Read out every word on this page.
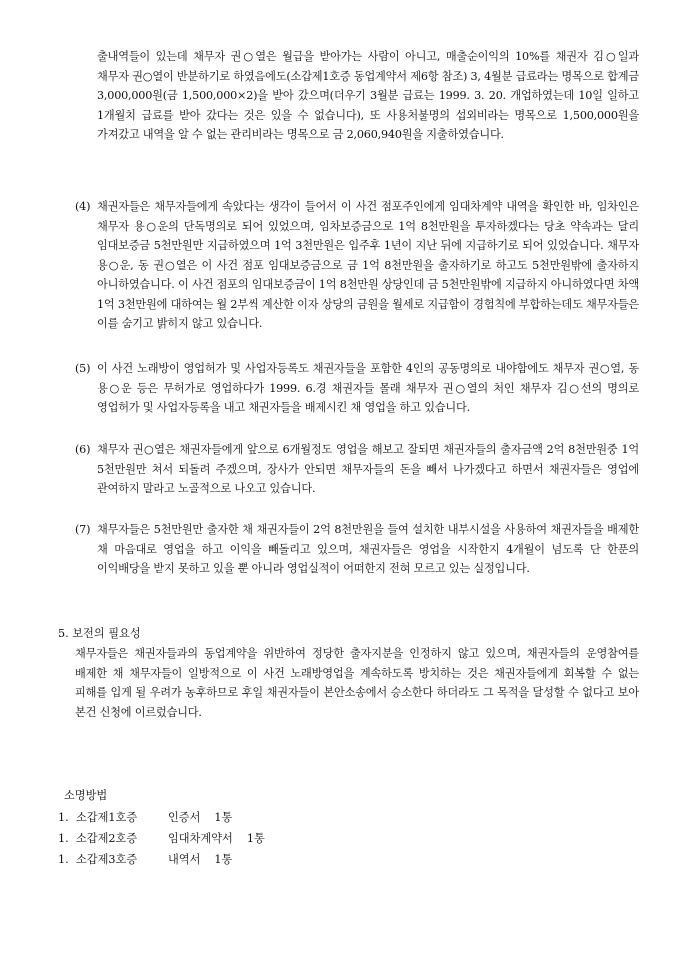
출내역들이 있는데 채무자 권○열은 월급을 받아가는 사람이 아니고, 매출순이익의 10%를 채권자 김○일과 채무자 권○열이 반분하기로 하였음에도(소갑제1호증 동업계약서 제6항 참조) 3, 4월분 급료라는 명목으로 합계금 3,000,000원(금 1,500,000×2)을 받아 갔으며(더우기 3월분 급료는 1999. 3. 20. 개업하였는데 10일 일하고 1개월치 급료를 받아 갔다는 것은 있을 수 없습니다), 또 사용처불명의 섭외비라는 명목으로 1,500,000원을 가져갔고 내역을 알 수 없는 관리비라는 명목으로 금 2,060,940원을 지출하였습니다.
(4) 채권자들은 채무자들에게 속았다는 생각이 들어서 이 사건 점포주인에게 임대차계약 내역을 확인한 바, 임차인은 채무자 용○운의 단독명의로 되어 있었으며, 임차보증금으로 1억 8천만원을 투자하겠다는 당초 약속과는 달리 임대보증금 5천만원만 지급하였으며 1억 3천만원은 입주후 1년이 지난 뒤에 지급하기로 되어 있었습니다. 채무자 용○운, 동 권○열은 이 사건 점포 임대보증금으로 금 1억 8천만원을 출자하기로 하고도 5천만원밖에 출자하지 아니하였습니다. 이 사건 점포의 임대보증금이 1억 8천만원 상당인데 금 5천만원밖에 지급하지 아니하였다면 차액 1억 3천만원에 대하여는 월 2부씩 계산한 이자 상당의 금원을 월세로 지급함이 경험칙에 부합하는데도 채무자들은 이를 숨기고 밝히지 않고 있습니다.
(5) 이 사건 노래방이 영업허가 및 사업자등록도 채권자들을 포함한 4인의 공동명의로 내야함에도 채무자 권○열, 동 용○운 등은 무허가로 영업하다가 1999. 6.경 채권자들 몰래 채무자 권○열의 처인 채무자 김○선의 명의로 영업허가 및 사업자등록을 내고 채권자들을 배제시킨 채 영업을 하고 있습니다.
(6) 채무자 권○열은 채권자들에게 앞으로 6개월정도 영업을 해보고 잘되면 채권자들의 출자금액 2억 8천만원중 1억 5천만원만 쳐서 되돌려 주겠으며, 장사가 안되면 채무자들의 돈을 빼서 나가겠다고 하면서 채권자들은 영업에 관여하지 말라고 노골적으로 나오고 있습니다.
(7) 채무자들은 5천만원만 출자한 채 채권자들이 2억 8천만원을 들여 설치한 내부시설을 사용하여 채권자들을 배제한 채 마음대로 영업을 하고 이익을 빼돌리고 있으며, 채권자들은 영업을 시작한지 4개월이 넘도록 단 한푼의 이익배당을 받지 못하고 있을 뿐 아니라 영업실적이 어떠한지 전혀 모르고 있는 실정입니다.
5. 보전의 필요성
채무자들은 채권자들과의 동업계약을 위반하여 정당한 출자지분을 인정하지 않고 있으며, 채권자들의 운영참여를 배제한 채 채무자들이 일방적으로 이 사건 노래방영업을 계속하도록 방치하는 것은 채권자들에게 회복할 수 없는 피해를 입게 될 우려가 농후하므로 후일 채권자들이 본안소송에서 승소한다 하더라도 그 목적을 달성할 수 없다고 보아 본건 신청에 이르렀습니다.
소명방법
1. 소갑제1호증	인증서 1통
1. 소갑제2호증	임대차계약서 1통
1. 소갑제3호증	내역서 1통
